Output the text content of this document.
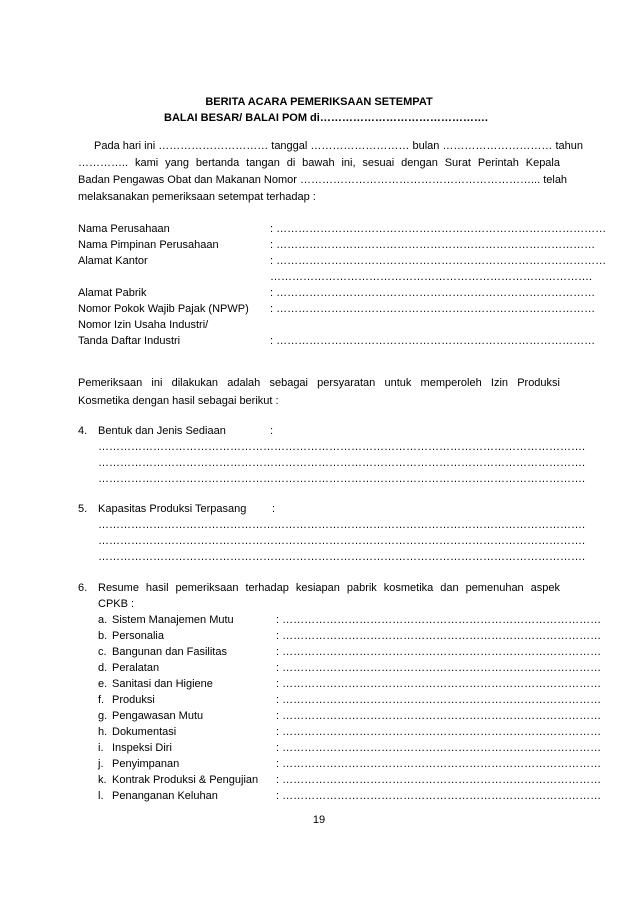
BERITA ACARA PEMERIKSAAN SETEMPAT
BALAI BESAR/ BALAI POM di……………………………………….
Pada hari ini ………………………… tanggal ……………………… bulan ………………………… tahun
………….. kami yang bertanda tangan di bawah ini, sesuai dengan Surat Perintah Kepala
Badan Pengawas Obat dan Makanan Nomor ………………………………………………………... telah
melaksanakan pemeriksaan setempat terhadap :
Nama Perusahaan	: ………………………………………………………………………………
Nama Pimpinan Perusahaan	: ……………………………………………………………………………
Alamat Kantor	: ………………………………………………………………………………
…………………………………………………………………………….
Alamat Pabrik	: ……………………………………………………………………………
Nomor Pokok Wajib Pajak (NPWP) : ……………………………………………………………………………
Nomor Izin Usaha Industri/
Tanda Daftar Industri	: ……………………………………………………………………………
Pemeriksaan ini dilakukan adalah sebagai persyaratan untuk memperoleh Izin Produksi
Kosmetika dengan hasil sebagai berikut :
4. Bentuk dan Jenis Sediaan	:
…………………………………………………………………………………………………………………….
…………………………………………………………………………………………………………………….
…………………………………………………………………………………………………………………….
5. Kapasitas Produksi Terpasang :
…………………………………………………………………………………………………………………….
…………………………………………………………………………………………………………………….
…………………………………………………………………………………………………………………….
6. Resume hasil pemeriksaan terhadap kesiapan pabrik kosmetika dan pemenuhan aspek
CPKB :
a. Sistem Manajemen Mutu	: ……………………………………………………………………………
b. Personalia	: ……………………………………………………………………………
c. Bangunan dan Fasilitas	: ……………………………………………………………………………
d. Peralatan	: ……………………………………………………………………………
e. Sanitasi dan Higiene	: ……………………………………………………………………………
f. Produksi	: ……………………………………………………………………………
g. Pengawasan Mutu	: ……………………………………………………………………………
h. Dokumentasi	: ……………………………………………………………………………
i. Inspeksi Diri	: ……………………………………………………………………………
j. Penyimpanan	: ……………………………………………………………………………
k. Kontrak Produksi & Pengujian : ……………………………………………………………………………
l. Penanganan Keluhan	: ……………………………………………………………………………
19
